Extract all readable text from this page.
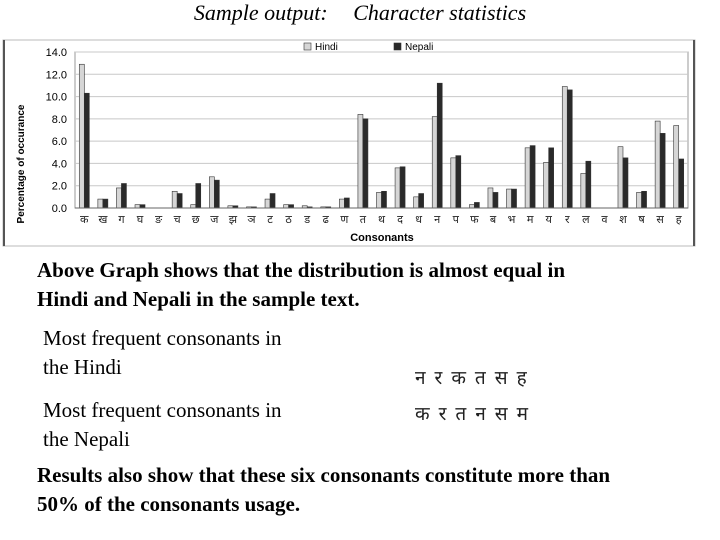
Sample output: Character statistics
Percentage of occurance
Consonants
0.0
2.0
4.0
6.0
8.0
10.0
12.0
14.0
क ख ग घ ङ च छ ज झ ञ ट ठ ड ढ ण त थ द ध न प फ ब भ म य र ल व श ष स ह
Hindi	Nepali
Above Graph shows that the distribution is almost equal in
Hindi and Nepali in the sample text.
Most frequent consonants in
the Hindi	न र क त स ह
Most frequent consonants in
the Nepali
क र त न स म
Results also show that these six consonants constitute more than
50% of the consonants usage.
